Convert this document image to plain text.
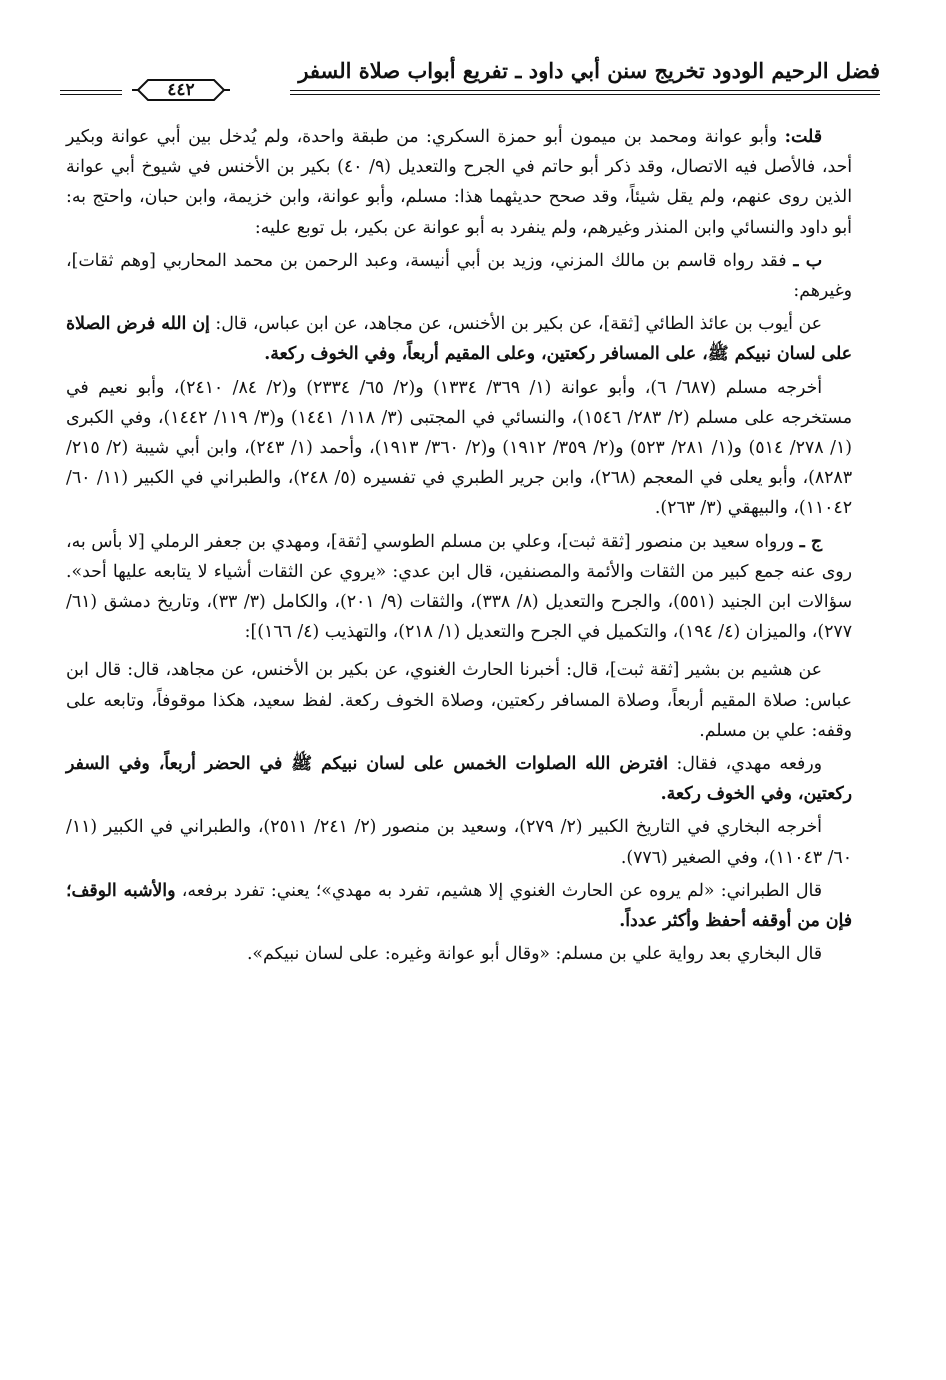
فضل الرحيم الودود تخريج سنن أبي داود ـ تفريع أبواب صلاة السفر
٤٤٢

قلت: وأبو عوانة ومحمد بن ميمون أبو حمزة السكري: من طبقة واحدة، ولم يُدخل بين أبي عوانة وبكير أحد، فالأصل فيه الاتصال، وقد ذكر أبو حاتم في الجرح والتعديل (٩/ ٤٠) بكير بن الأخنس في شيوخ أبي عوانة الذين روى عنهم، ولم يقل شيئاً، وقد صحح حديثهما هذا: مسلم، وأبو عوانة، وابن خزيمة، وابن حبان، واحتج به: أبو داود والنسائي وابن المنذر وغيرهم، ولم ينفرد به أبو عوانة عن بكير، بل توبع عليه:

ب ـ فقد رواه قاسم بن مالك المزني، وزيد بن أبي أنيسة، وعبد الرحمن بن محمد المحاربي [وهم ثقات]، وغيرهم:

عن أيوب بن عائذ الطائي [ثقة]، عن بكير بن الأخنس، عن مجاهد، عن ابن عباس، قال: إن الله فرض الصلاة على لسان نبيكم ﷺ، على المسافر ركعتين، وعلى المقيم أربعاً، وفي الخوف ركعة.

أخرجه مسلم (٦٨٧/ ٦)، وأبو عوانة (١/ ٣٦٩/ ١٣٣٤) و(٢/ ٦٥/ ٢٣٣٤) و(٢/ ٨٤/ ٢٤١٠)، وأبو نعيم في مستخرجه على مسلم (٢/ ٢٨٣/ ١٥٤٦)، والنسائي في المجتبى (٣/ ١١٨/ ١٤٤١) و(٣/ ١١٩/ ١٤٤٢)، وفي الكبرى (١/ ٢٧٨/ ٥١٤) و(١/ ٢٨١/ ٥٢٣) و(٢/ ٣٥٩/ ١٩١٢) و(٢/ ٣٦٠/ ١٩١٣)، وأحمد (١/ ٢٤٣)، وابن أبي شيبة (٢/ ٢١٥/ ٨٢٨٣)، وأبو يعلى في المعجم (٢٦٨)، وابن جرير الطبري في تفسيره (٥/ ٢٤٨)، والطبراني في الكبير (١١/ ٦٠/ ١١٠٤٢)، والبيهقي (٣/ ٢٦٣).

ج ـ ورواه سعيد بن منصور [ثقة ثبت]، وعلي بن مسلم الطوسي [ثقة]، ومهدي بن جعفر الرملي [لا بأس به، روى عنه جمع كبير من الثقات والأئمة والمصنفين، قال ابن عدي: «يروي عن الثقات أشياء لا يتابعه عليها أحد». سؤالات ابن الجنيد (٥٥١)، والجرح والتعديل (٨/ ٣٣٨)، والثقات (٩/ ٢٠١)، والكامل (٣/ ٣٣)، وتاريخ دمشق (٦١/ ٢٧٧)، والميزان (٤/ ١٩٤)، والتكميل في الجرح والتعديل (١/ ٢١٨)، والتهذيب (٤/ ١٦٦)]:

عن هشيم بن بشير [ثقة ثبت]، قال: أخبرنا الحارث الغنوي، عن بكير بن الأخنس، عن مجاهد، قال: قال ابن عباس: صلاة المقيم أربعاً، وصلاة المسافر ركعتين، وصلاة الخوف ركعة. لفظ سعيد، هكذا موقوفاً، وتابعه على وقفه: علي بن مسلم.

ورفعه مهدي، فقال: افترض الله الصلوات الخمس على لسان نبيكم ﷺ في الحضر أربعاً، وفي السفر ركعتين، وفي الخوف ركعة.

أخرجه البخاري في التاريخ الكبير (٢/ ٢٧٩)، وسعيد بن منصور (٢/ ٢٤١/ ٢٥١١)، والطبراني في الكبير (١١/ ٦٠/ ١١٠٤٣)، وفي الصغير (٧٧٦).

قال الطبراني: «لم يروه عن الحارث الغنوي إلا هشيم، تفرد به مهدي»؛ يعني: تفرد برفعه، والأشبه الوقف؛ فإن من أوقفه أحفظ وأكثر عدداً.

قال البخاري بعد رواية علي بن مسلم: «وقال أبو عوانة وغيره: على لسان نبيكم».
